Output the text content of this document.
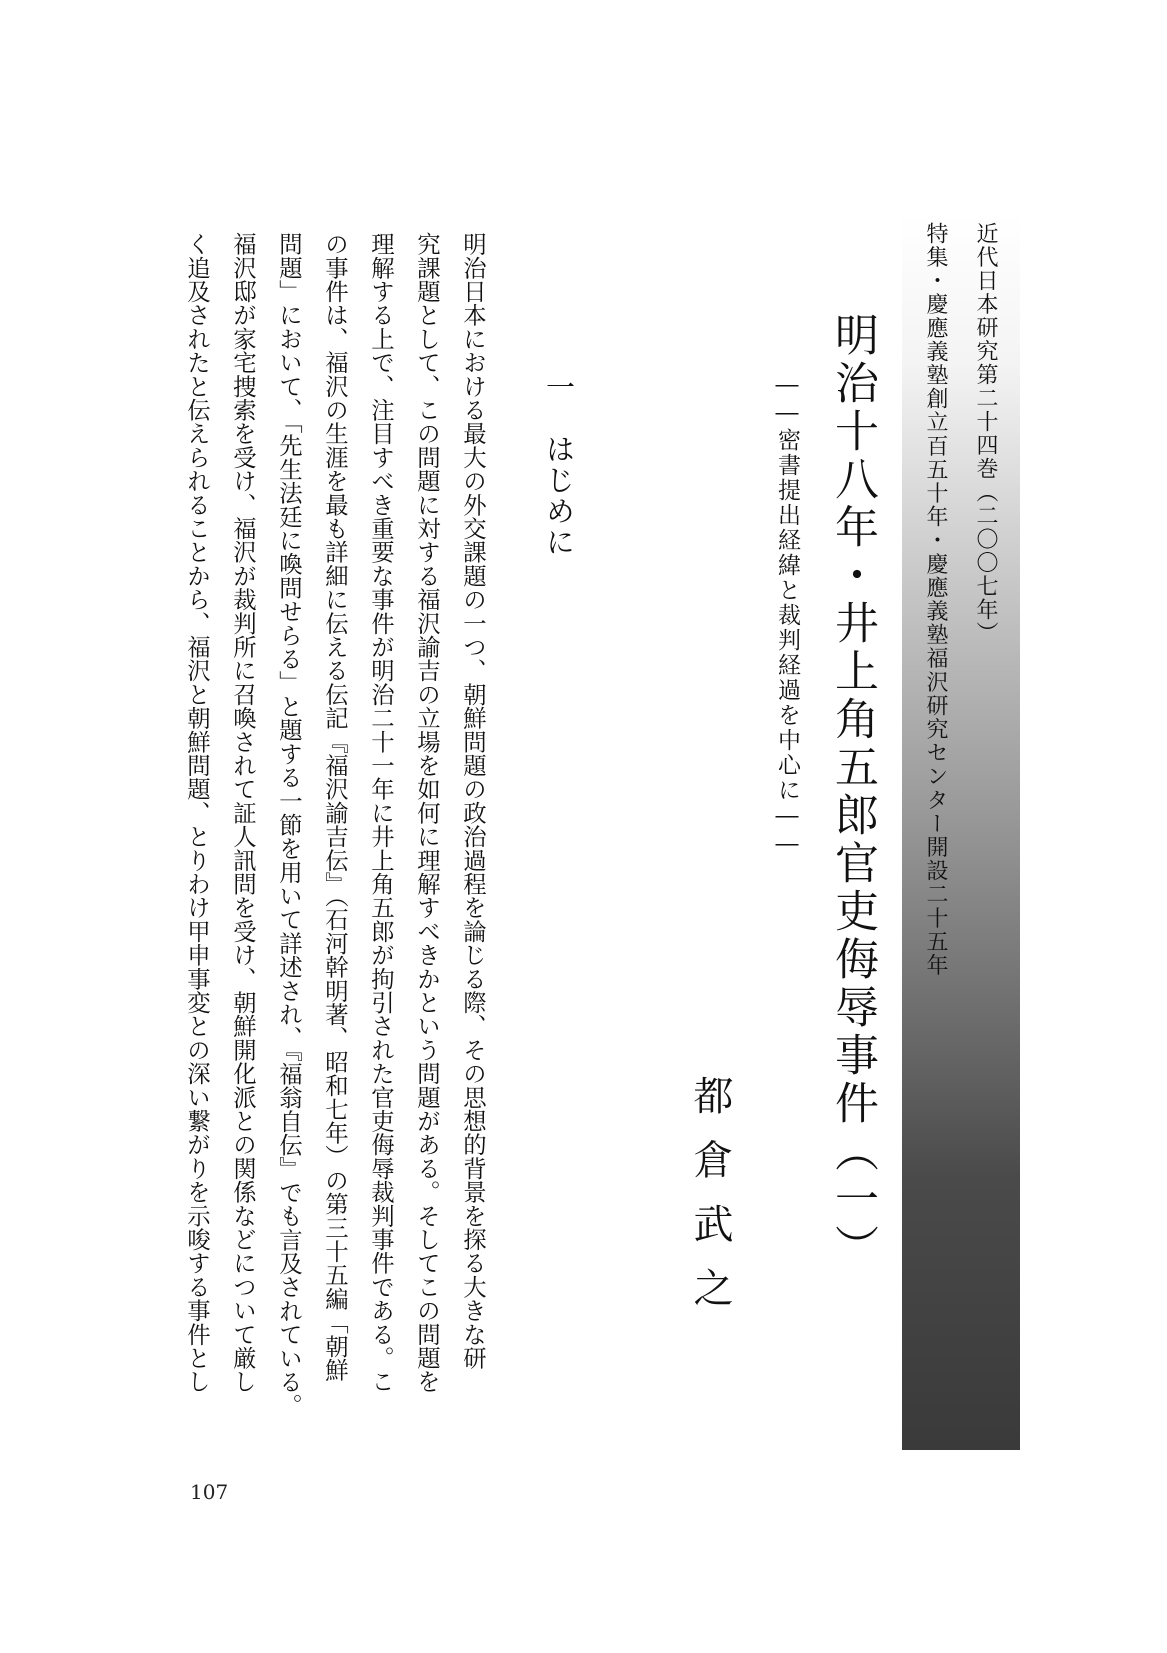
近代日本研究第二十四巻（二〇〇七年）
特集・慶應義塾創立百五十年・慶應義塾福沢研究センター開設二十五年
明治十八年・井上角五郎官吏侮辱事件（一）
――密書提出経緯と裁判経過を中心に――
都倉武之
一　はじめに
明治日本における最大の外交課題の一つ、朝鮮問題の政治過程を論じる際、その思想的背景を探る大きな研
究課題として、この問題に対する福沢諭吉の立場を如何に理解すべきかという問題がある。そしてこの問題を
理解する上で、注目すべき重要な事件が明治二十一年に井上角五郎が拘引された官吏侮辱裁判事件である。こ
の事件は、福沢の生涯を最も詳細に伝える伝記『福沢諭吉伝』（石河幹明著、昭和七年）の第三十五編「朝鮮
問題」において、「先生法廷に喚問せらる」と題する一節を用いて詳述され、『福翁自伝』でも言及されている。
福沢邸が家宅捜索を受け、福沢が裁判所に召喚されて証人訊問を受け、朝鮮開化派との関係などについて厳し
く追及されたと伝えられることから、福沢と朝鮮問題、とりわけ甲申事変との深い繋がりを示唆する事件とし
107
